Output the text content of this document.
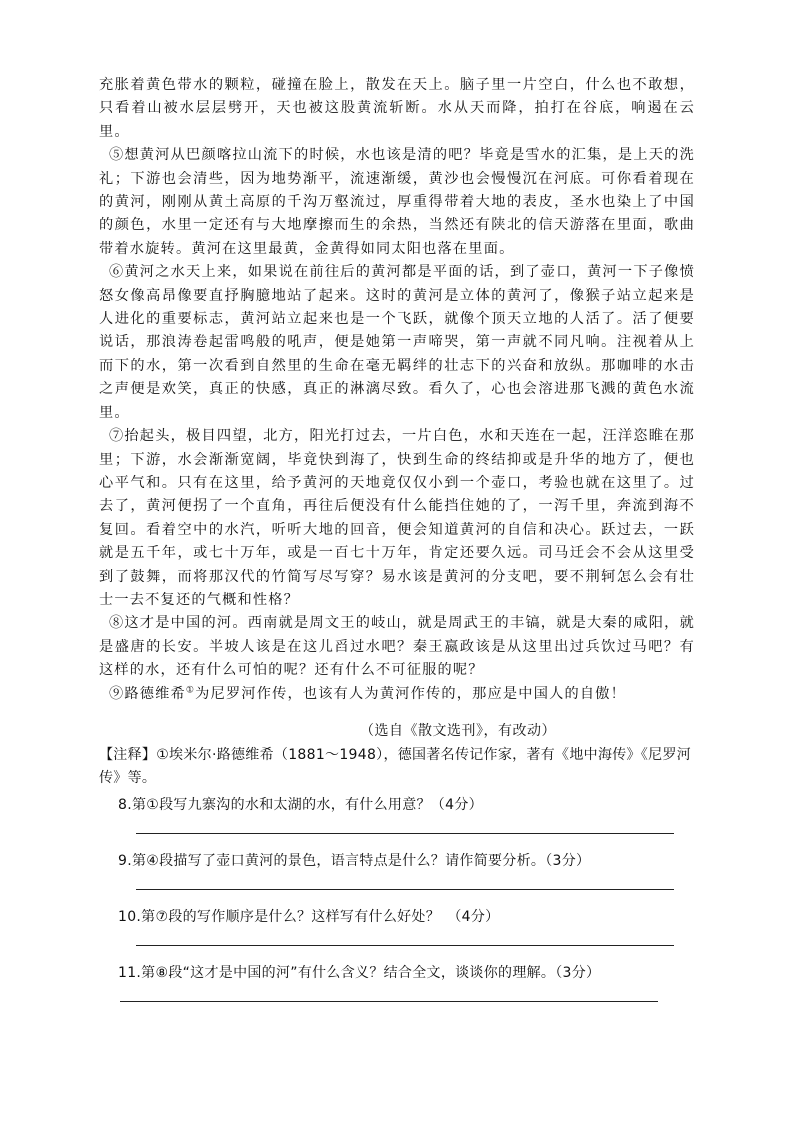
充胀着黄色带水的颗粒，碰撞在脸上，散发在天上。脑子里一片空白，什么也不敢想，只看着山被水层层劈开，天也被这股黄流斩断。水从天而降，拍打在谷底，响遏在云里。

⑤想黄河从巴颜喀拉山流下的时候，水也该是清的吧？毕竟是雪水的汇集，是上天的洗礼；下游也会清些，因为地势渐平，流速渐缓，黄沙也会慢慢沉在河底。可你看着现在的黄河，刚刚从黄土高原的千沟万壑流过，厚重得带着大地的表皮，圣水也染上了中国的颜色，水里一定还有与大地摩擦而生的余热，当然还有陕北的信天游落在里面，歌曲带着水旋转。黄河在这里最黄，金黄得如同太阳也落在里面。

⑥黄河之水天上来，如果说在前往后的黄河都是平面的话，到了壶口，黄河一下子像愤怒女像高昂像要直抒胸臆地站了起来。这时的黄河是立体的黄河了，像猴子站立起来是人进化的重要标志，黄河站立起来也是一个飞跃，就像个顶天立地的人活了。活了便要说话，那浪涛卷起雷鸣般的吼声，便是她第一声啼哭，第一声就不同凡响。注视着从上而下的水，第一次看到自然里的生命在毫无羁绊的壮志下的兴奋和放纵。那咖啡的水击之声便是欢笑，真正的快感，真正的淋漓尽致。看久了，心也会溶进那飞溅的黄色水流里。

⑦抬起头，极目四望，北方，阳光打过去，一片白色，水和天连在一起，汪洋恣睢在那里；下游，水会渐渐宽阔，毕竟快到海了，快到生命的终结抑或是升华的地方了，便也心平气和。只有在这里，给予黄河的天地竟仅仅小到一个壶口，考验也就在这里了。过去了，黄河便拐了一个直角，再往后便没有什么能挡住她的了，一泻千里，奔流到海不复回。看着空中的水汽，听听大地的回音，便会知道黄河的自信和决心。跃过去，一跃就是五千年，或七十万年，或是一百七十万年，肯定还要久远。司马迁会不会从这里受到了鼓舞，而将那汉代的竹简写尽写穿？易水该是黄河的分支吧，要不荆轲怎么会有壮士一去不复还的气概和性格？

⑧这才是中国的河。西南就是周文王的岐山，就是周武王的丰镐，就是大秦的咸阳，就是盛唐的长安。半坡人该是在这儿舀过水吧？秦王嬴政该是从这里出过兵饮过马吧？有这样的水，还有什么可怕的呢？还有什么不可征服的呢？

⑨路德维希①为尼罗河作传，也该有人为黄河作传的，那应是中国人的自傲！

（选自《散文选刊》，有改动）
【注释】①埃米尔·路德维希（1881～1948），德国著名传记作家，著有《地中海传》《尼罗河传》等。
8.第①段写九寨沟的水和太湖的水，有什么用意？（4分）
9.第④段描写了壶口黄河的景色，语言特点是什么？请作简要分析。（3分）
10.第⑦段的写作顺序是什么？这样写有什么好处？　（4分）
11.第⑧段“这才是中国的河”有什么含义？结合全文，谈谈你的理解。（3分）
